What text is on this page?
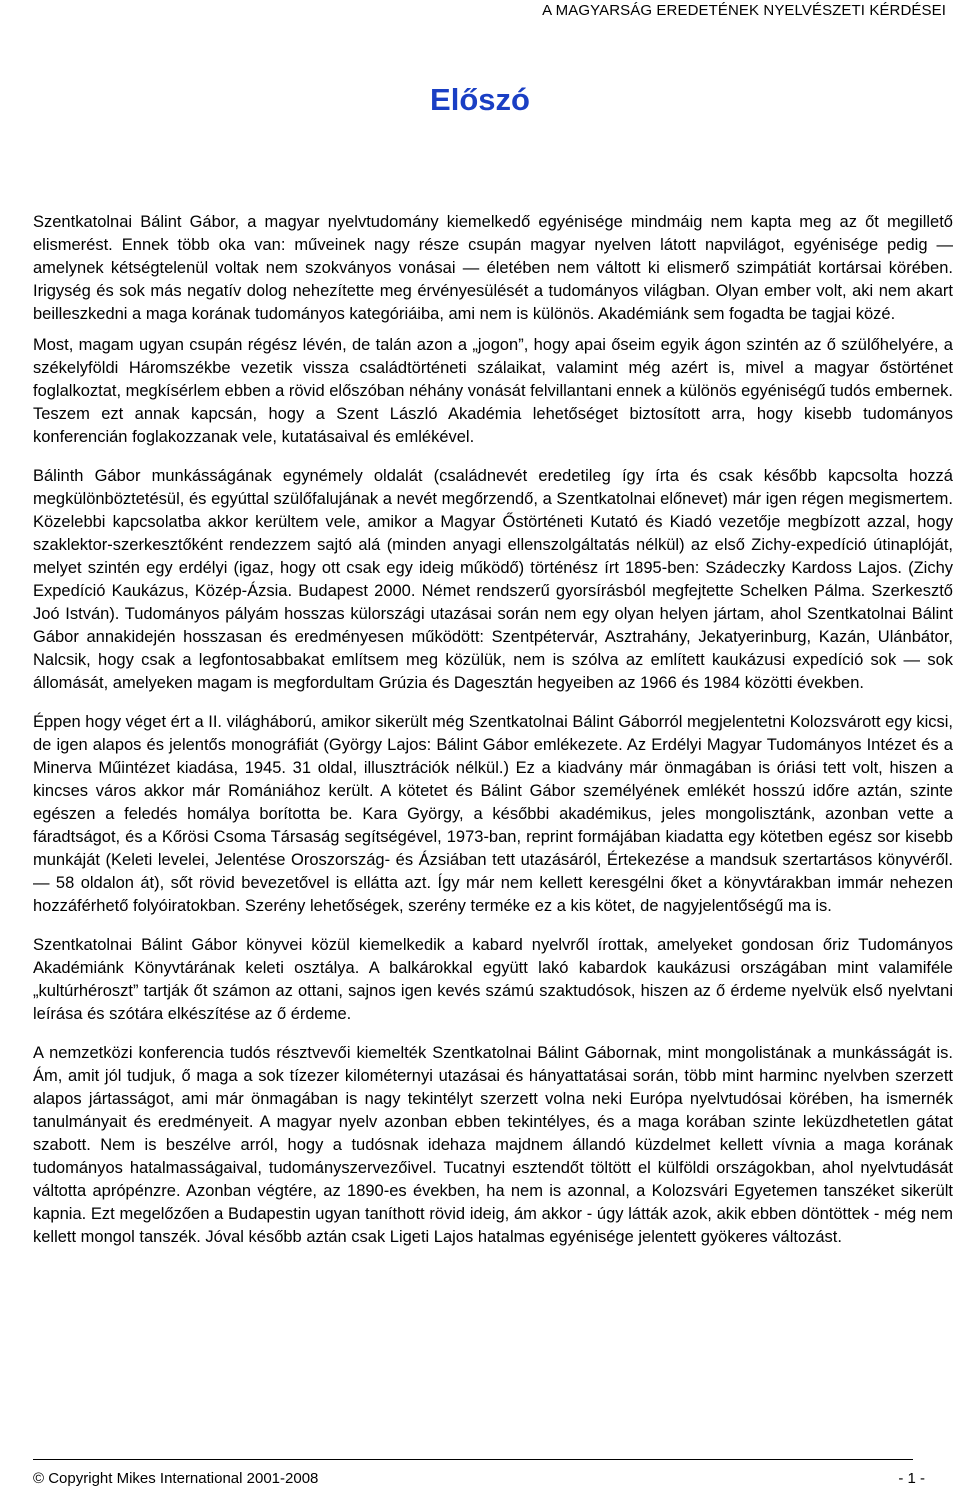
A MAGYARSÁG EREDETÉNEK NYELVÉSZETI KÉRDÉSEI
Előszó

Szentkatolnai Bálint Gábor, a magyar nyelvtudomány kiemelkedő egyénisége mindmáig nem kapta meg az őt megillető elismerést. Ennek több oka van: műveinek nagy része csupán magyar nyelven látott napvilágot, egyénisége pedig — amelynek kétségtelenül voltak nem szokványos vonásai — életében nem váltott ki elismerő szimpátiát kortársai körében. Irigység és sok más negatív dolog nehezítette meg érvényesülését a tudományos világban. Olyan ember volt, aki nem akart beilleszkedni a maga korának tudományos kategóriáiba, ami nem is különös. Akadémiánk sem fogadta be tagjai közé.

Most, magam ugyan csupán régész lévén, de talán azon a „jogon”, hogy apai őseim egyik ágon szintén az ő szülőhelyére, a székelyföldi Háromszékbe vezetik vissza családtörténeti szálaikat, valamint még azért is, mivel a magyar őstörténet foglalkoztat, megkísérlem ebben a rövid előszóban néhány vonását felvillantani ennek a különös egyéniségű tudós embernek. Teszem ezt annak kapcsán, hogy a Szent László Akadémia lehetőséget biztosított arra, hogy kisebb tudományos konferencián foglakozzanak vele, kutatásaival és emlékével.

Bálinth Gábor munkásságának egynémely oldalát (családnevét eredetileg így írta és csak később kapcsolta hozzá megkülönböztetésül, és egyúttal szülőfalujának a nevét megőrzendő, a Szentkatolnai előnevet) már igen régen megismertem. Közelebbi kapcsolatba akkor kerültem vele, amikor a Magyar Őstörténeti Kutató és Kiadó vezetője megbízott azzal, hogy szaklektor-szerkesztőként rendezzem sajtó alá (minden anyagi ellenszolgáltatás nélkül) az első Zichy-expedíció útinaplóját, melyet szintén egy erdélyi (igaz, hogy ott csak egy ideig működő) történész írt 1895-ben: Szádeczky Kardoss Lajos. (Zichy Expedíció Kaukázus, Közép-Ázsia. Budapest 2000. Német rendszerű gyorsírásból megfejtette Schelken Pálma. Szerkesztő Joó István). Tudományos pályám hosszas külországi utazásai során nem egy olyan helyen jártam, ahol Szentkatolnai Bálint Gábor annakidején hosszasan és eredményesen működött: Szentpétervár, Asztrahány, Jekatyerinburg, Kazán, Ulánbátor, Nalcsik, hogy csak a legfontosabbakat említsem meg közülük, nem is szólva az említett kaukázusi expedíció sok — sok állomását, amelyeken magam is megfordultam Grúzia és Dagesztán hegyeiben az 1966 és 1984 közötti években.

Éppen hogy véget ért a II. világháború, amikor sikerült még Szentkatolnai Bálint Gáborról megjelentetni Kolozsvárott egy kicsi, de igen alapos és jelentős monográfiát (György Lajos: Bálint Gábor emlékezete. Az Erdélyi Magyar Tudományos Intézet és a Minerva Műintézet kiadása, 1945. 31 oldal, illusztrációk nélkül.) Ez a kiadvány már önmagában is óriási tett volt, hiszen a kincses város akkor már Romániához került. A kötetet és Bálint Gábor személyének emlékét hosszú időre aztán, szinte egészen a feledés homálya borította be. Kara György, a későbbi akadémikus, jeles mongolisztánk, azonban vette a fáradtságot, és a Kőrösi Csoma Társaság segítségével, 1973-ban, reprint formájában kiadatta egy kötetben egész sor kisebb munkáját (Keleti levelei, Jelentése Oroszország- és Ázsiában tett utazásáról, Értekezése a mandsuk szertartásos könyvéről. — 58 oldalon át), sőt rövid bevezetővel is ellátta azt. Így már nem kellett keresgélni őket a könyvtárakban immár nehezen hozzáférhető folyóiratokban. Szerény lehetőségek, szerény terméke ez a kis kötet, de nagyjelentőségű ma is.

Szentkatolnai Bálint Gábor könyvei közül kiemelkedik a kabard nyelvről írottak, amelyeket gondosan őriz Tudományos Akadémiánk Könyvtárának keleti osztálya. A balkárokkal együtt lakó kabardok kaukázusi országában mint valamiféle „kultúrhéroszt” tartják őt számon az ottani, sajnos igen kevés számú szaktudósok, hiszen az ő érdeme nyelvük első nyelvtani leírása és szótára elkészítése az ő érdeme.

A nemzetközi konferencia tudós résztvevői kiemelték Szentkatolnai Bálint Gábornak, mint mongolistának a munkásságát is. Ám, amit jól tudjuk, ő maga a sok tízezer kilométernyi utazásai és hányattatásai során, több mint harminc nyelvben szerzett alapos jártasságot, ami már önmagában is nagy tekintélyt szerzett volna neki Európa nyelvtudósai körében, ha ismernék tanulmányait és eredményeit. A magyar nyelv azonban ebben tekintélyes, és a maga korában szinte leküzdhetetlen gátat szabott. Nem is beszélve arról, hogy a tudósnak idehaza majdnem állandó küzdelmet kellett vívnia a maga korának tudományos hatalmasságaival, tudományszervezőivel. Tucatnyi esztendőt töltött el külföldi országokban, ahol nyelvtudását váltotta aprópénzre. Azonban végtére, az 1890-es években, ha nem is azonnal, a Kolozsvári Egyetemen tanszéket sikerült kapnia. Ezt megelőzően a Budapestin ugyan taníthott rövid ideig, ám akkor - úgy látták azok, akik ebben döntöttek - még nem kellett mongol tanszék. Jóval később aztán csak Ligeti Lajos hatalmas egyénisége jelentett gyökeres változást.

© Copyright Mikes International 2001-2008	- 1 -
